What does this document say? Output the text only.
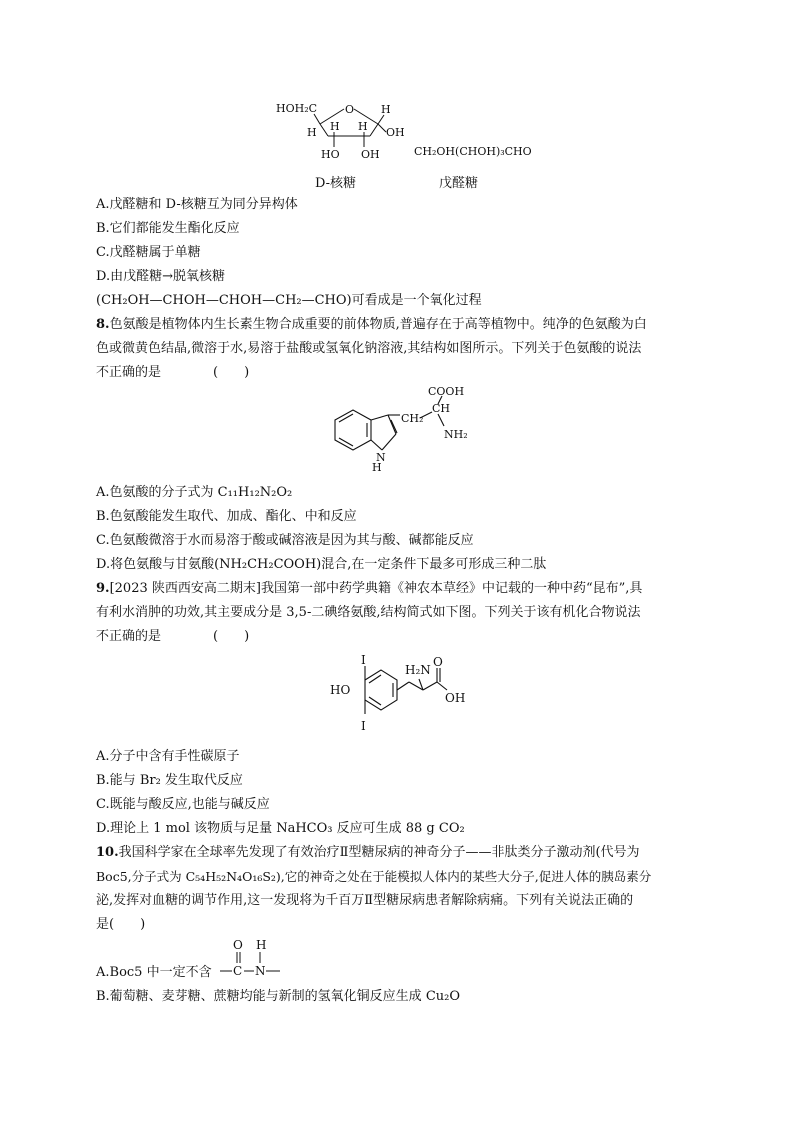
HOH₂C	O H
H H H OH
HO OH	CH₂OH(CHOH)₃CHO
D-核糖	戊醛糖
A.戊醛糖和 D-核糖互为同分异构体
B.它们都能发生酯化反应
C.戊醛糖属于单糖
D.由戊醛糖→脱氧核糖
(CH₂OH—CHOH—CHOH—CH₂—CHO)可看成是一个氧化过程
8.色氨酸是植物体内生长素生物合成重要的前体物质,普遍存在于高等植物中。纯净的色氨酸为白
色或微黄色结晶,微溶于水,易溶于盐酸或氢氧化钠溶液,其结构如图所示。下列关于色氨酸的说法
不正确的是　　　　(　　)
COOH
CH
CH₂
NH₂
N
H
A.色氨酸的分子式为 C₁₁H₁₂N₂O₂
B.色氨酸能发生取代、加成、酯化、中和反应
C.色氨酸微溶于水而易溶于酸或碱溶液是因为其与酸、碱都能反应
D.将色氨酸与甘氨酸(NH₂CH₂COOH)混合,在一定条件下最多可形成三种二肽
9.[2023 陕西西安高二期末]我国第一部中药学典籍《神农本草经》中记载的一种中药“昆布”,具
有利水消肿的功效,其主要成分是 3,5-二碘络氨酸,结构简式如下图。下列关于该有机化合物说法
不正确的是　　　　(　　)
I
I
HO
H₂N
O
OH
A.分子中含有手性碳原子
B.能与 Br₂ 发生取代反应
C.既能与酸反应,也能与碱反应
D.理论上 1 mol 该物质与足量 NaHCO₃ 反应可生成 88 g CO₂
10.我国科学家在全球率先发现了有效治疗Ⅱ型糖尿病的神奇分子——非肽类分子激动剂(代号为
Boc5,分子式为 C₅₄H₅₂N₄O₁₆S₂),它的神奇之处在于能模拟人体内的某些大分子,促进人体的胰岛素分
泌,发挥对血糖的调节作用,这一发现将为千百万Ⅱ型糖尿病患者解除病痛。下列有关说法正确的
是(　　)
A.Boc5 中一定不含
O H
C N
B.葡萄糖、麦芽糖、蔗糖均能与新制的氢氧化铜反应生成 Cu₂O
